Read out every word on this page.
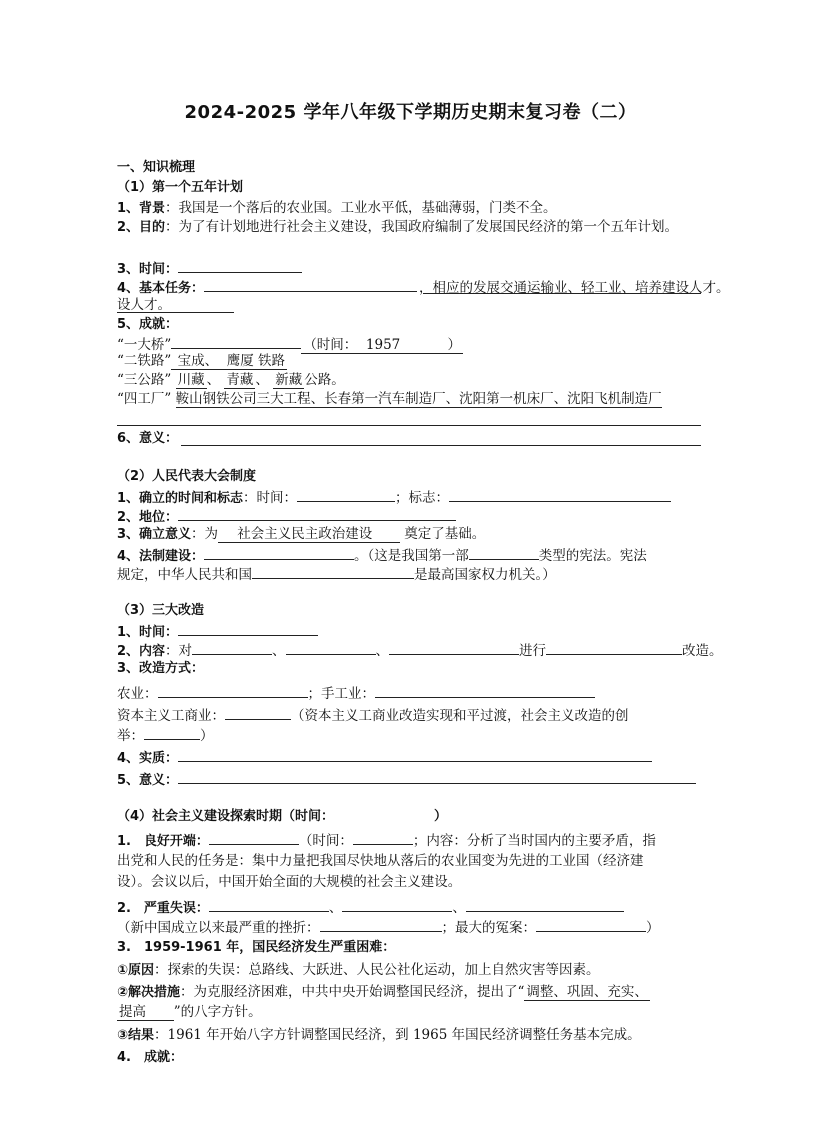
2024-2025 学年八年级下学期历史期末复习卷（二）
一、知识梳理
（1）第一个五年计划
1、背景：我国是一个落后的农业国。工业水平低，基础薄弱，门类不全。
2、目的：为了有计划地进行社会主义建设，我国政府编制了发展国民经济的第一个五年计划。
3、时间：
4、基本任务：	，相应的发展交通运输业、轻工业、培养建设人才。
设人才。
5、成就：
“一大桥”	（时间： 1957	）
“二铁路” 宝成、 鹰厦 铁路
“三公路” 川藏 、 青藏 、 新藏 公路。
“四工厂” 鞍山钢铁公司三大工程、长春第一汽车制造厂、沈阳第一机床厂、沈阳飞机制造厂
6、意义：
（2）人民代表大会制度
1、确立的时间和标志：时间：	；标志：
2、地位：
3、确立意义：为 社会主义民主政治建设 奠定了基础。
4、法制建设：	。（这是我国第一部	类型的宪法。宪法
规定，中华人民共和国	是最高国家权力机关。）
（3）三大改造
1、时间：
2、内容：对	、	、	进行	改造。
3、改造方式：
农业：	；手工业：
资本主义工商业：	（资本主义工商业改造实现和平过渡，社会主义改造的创
举：	）
4、实质：
5、意义：
（4）社会主义建设探索时期（时间：	）
1. 良好开端：	（时间：	；内容：分析了当时国内的主要矛盾，指
出党和人民的任务是：集中力量把我国尽快地从落后的农业国变为先进的工业国（经济建
设）。会议以后，中国开始全面的大规模的社会主义建设。
2. 严重失误：	、	、
（新中国成立以来最严重的挫折：	；最大的冤案：	）
3.　1959-1961 年，国民经济发生严重困难：
①原因：探索的失误：总路线、大跃进、人民公社化运动，加上自然灾害等因素。
②解决措施：为克服经济困难，中共中央开始调整国民经济，提出了“ 调整、巩固、充实、
提高 ”的八字方针。
③结果：1961 年开始八字方针调整国民经济，到 1965 年国民经济调整任务基本完成。
4.　成就：
